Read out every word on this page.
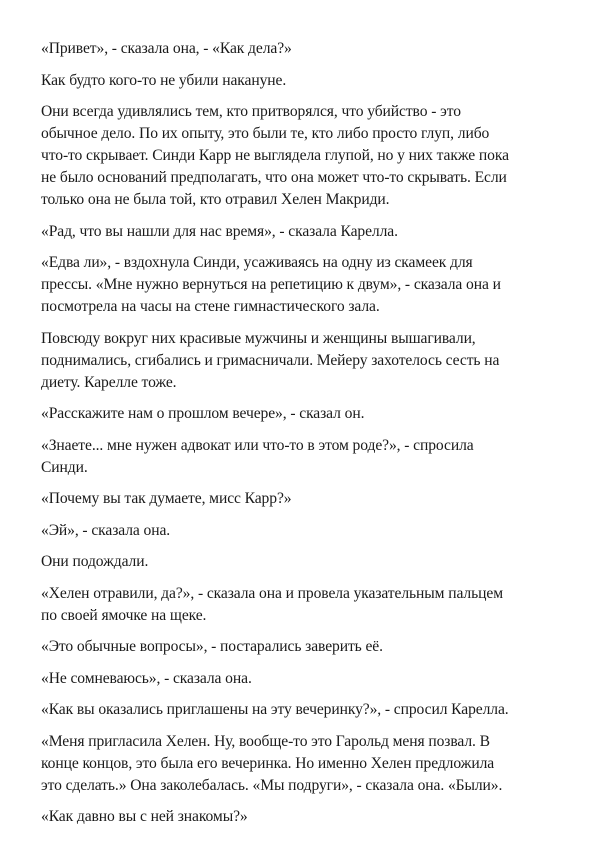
«Привет», - сказала она, - «Как дела?»

Как будто кого-то не убили накануне.

Они всегда удивлялись тем, кто притворялся, что убийство - это
обычное дело. По их опыту, это были те, кто либо просто глуп, либо
что-то скрывает. Синди Карр не выглядела глупой, но у них также пока
не было оснований предполагать, что она может что-то скрывать. Если
только она не была той, кто отравил Хелен Макриди.

«Рад, что вы нашли для нас время», - сказала Карелла.

«Едва ли», - вздохнула Синди, усаживаясь на одну из скамеек для
прессы. «Мне нужно вернуться на репетицию к двум», - сказала она и
посмотрела на часы на стене гимнастического зала.

Повсюду вокруг них красивые мужчины и женщины вышагивали,
поднимались, сгибались и гримасничали. Мейеру захотелось сесть на
диету. Карелле тоже.

«Расскажите нам о прошлом вечере», - сказал он.

«Знаете... мне нужен адвокат или что-то в этом роде?», - спросила
Синди.

«Почему вы так думаете, мисс Карр?»

«Эй», - сказала она.

Они подождали.

«Хелен отравили, да?», - сказала она и провела указательным пальцем
по своей ямочке на щеке.

«Это обычные вопросы», - постарались заверить её.

«Не сомневаюсь», - сказала она.

«Как вы оказались приглашены на эту вечеринку?», - спросил Карелла.

«Меня пригласила Хелен. Ну, вообще-то это Гарольд меня позвал. В
конце концов, это была его вечеринка. Но именно Хелен предложила
это сделать.» Она заколебалась. «Мы подруги», - сказала она. «Были».

«Как давно вы с ней знакомы?»
